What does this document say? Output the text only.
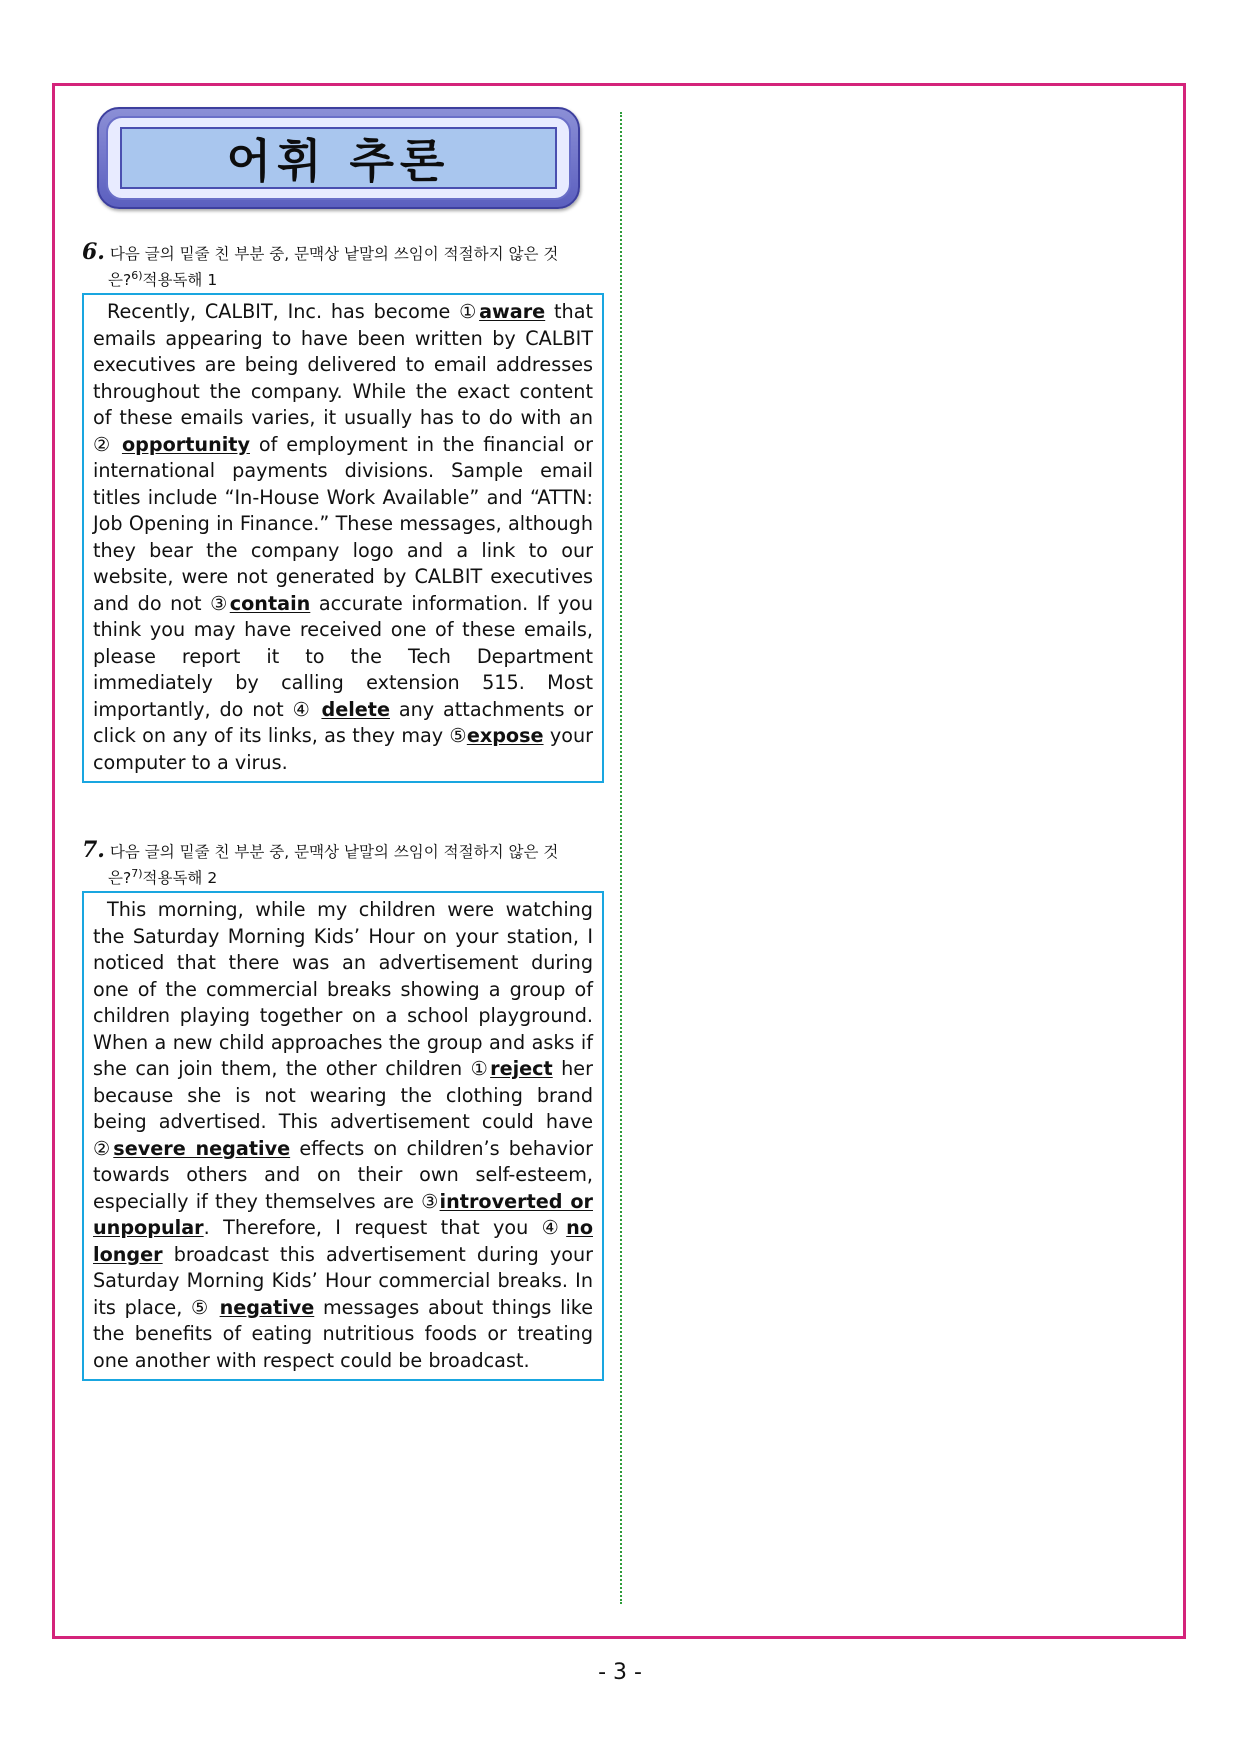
어휘 추론
6. 다음 글의 밑줄 친 부분 중, 문맥상 낱말의 쓰임이 적절하지 않은 것
은?$^{6)}$적용독해 1

Recently, CALBIT, Inc. has become ①aware that emails appearing to have been written by CALBIT executives are being delivered to email addresses throughout the company. While the exact content of these emails varies, it usually has to do with an ② opportunity of employment in the financial or international payments divisions. Sample email titles include “In-House Work Available” and “ATTN: Job Opening in Finance.” These messages, although they bear the company logo and a link to our website, were not generated by CALBIT executives and do not ③contain accurate information. If you think you may have received one of these emails, please report it to the Tech Department immediately by calling extension 515. Most importantly, do not ④ delete any attachments or click on any of its links, as they may ⑤expose your computer to a virus.

7. 다음 글의 밑줄 친 부분 중, 문맥상 낱말의 쓰임이 적절하지 않은 것
은?$^{7)}$적용독해 2

This morning, while my children were watching the Saturday Morning Kids’ Hour on your station, I noticed that there was an advertisement during one of the commercial breaks showing a group of children playing together on a school playground. When a new child approaches the group and asks if she can join them, the other children ①reject her because she is not wearing the clothing brand being advertised. This advertisement could have ②severe negative effects on children’s behavior towards others and on their own self-esteem, especially if they themselves are ③introverted or unpopular. Therefore, I request that you ④no longer broadcast this advertisement during your Saturday Morning Kids’ Hour commercial breaks. In its place, ⑤ negative messages about things like the benefits of eating nutritious foods or treating one another with respect could be broadcast.

- 3 -
